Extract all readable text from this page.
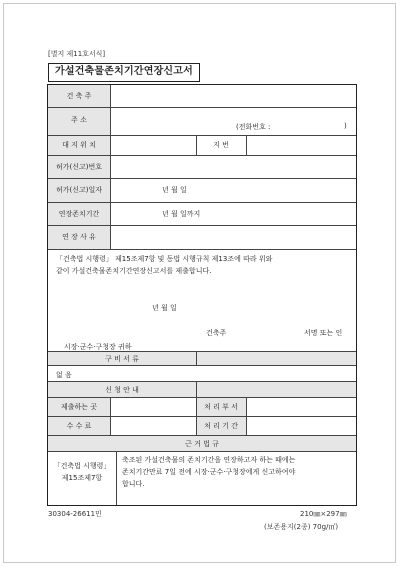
[별지 제11호서식]
가설건축물존치기간연장신고서
건 축 주
주 소
(전화번호 :	)
대 지 위 치	지 번
허가(신고)번호
허가(신고)일자	년 월 일
연장존치기간	년 월 일까지
연 장 사 유
「건축법 시행령」 제15조제7항 및 동법 시행규칙 제13조에 따라 위와
같이 가설건축물존치기간연장신고서를 제출합니다.
년 월 일
건축주	서명 또는 인
시장·군수·구청장 귀하
구 비 서 류
없 음
신 청 안 내
제출하는 곳	처 리 부 서
수 수 료	처 리 기 간
근 거 법 규
「건축법 시행령」
제15조제7항
축조된 가설건축물의 존치기간을 연장하고자 하는 때에는
존치기간만료 7일 전에 시장·군수·구청장에게 신고하여야
합니다.
30304-26611민	210㎜×297㎜
(보존용지(2종) 70g/㎡)
